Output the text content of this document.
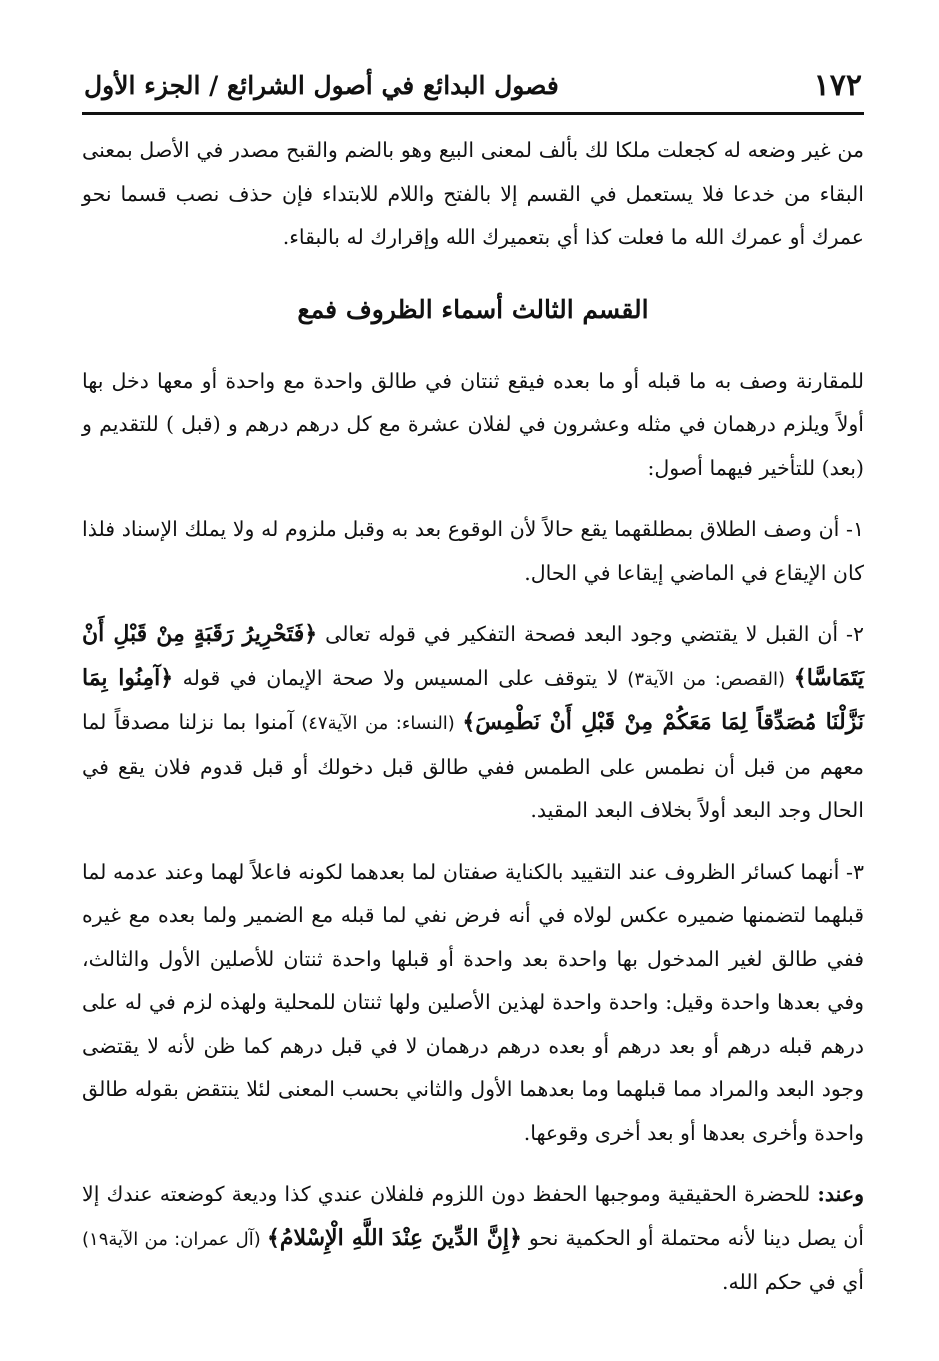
١٧٢
فصول البدائع في أصول الشرائع / الجزء الأول

من غير وضعه له كجعلت ملكا لك بألف لمعنى البيع وهو بالضم والقبح مصدر في الأصل بمعنى البقاء من خدعا فلا يستعمل في القسم إلا بالفتح واللام للابتداء فإن حذف نصب قسما نحو عمرك أو عمرك الله ما فعلت كذا أي بتعميرك الله وإقرارك له بالبقاء.

القسم الثالث أسماء الظروف فمع

للمقارنة وصف به ما قبله أو ما بعده فيقع ثنتان في طالق واحدة مع واحدة أو معها دخل بها أولاً ويلزم درهمان في مثله وعشرون في لفلان عشرة مع كل درهم درهم و (قبل ) للتقديم و (بعد) للتأخير فيهما أصول:

١- أن وصف الطلاق بمطلقهما يقع حالاً لأن الوقوع بعد به وقبل ملزوم له ولا يملك الإسناد فلذا كان الإيقاع في الماضي إيقاعا في الحال.

٢- أن القبل لا يقتضي وجود البعد فصحة التفكير في قوله تعالى ﴿فَتَحْرِيرُ رَقَبَةٍ مِنْ قَبْلِ أَنْ يَتَمَاسَّا﴾ (القصص: من الآية٣) لا يتوقف على المسيس ولا صحة الإيمان في قوله ﴿آمِنُوا بِمَا نَزَّلْنَا مُصَدِّقاً لِمَا مَعَكُمْ مِنْ قَبْلِ أَنْ نَطْمِسَ﴾ (النساء: من الآية٤٧) آمنوا بما نزلنا مصدقاً لما معهم من قبل أن نطمس على الطمس ففي طالق قبل دخولك أو قبل قدوم فلان يقع في الحال وجد البعد أولاً بخلاف البعد المقيد.

٣- أنهما كسائر الظروف عند التقييد بالكناية صفتان لما بعدهما لكونه فاعلاً لهما وعند عدمه لما قبلهما لتضمنها ضميره عكس لولاه في أنه فرض نفي لما قبله مع الضمير ولما بعده مع غيره ففي طالق لغير المدخول بها واحدة بعد واحدة أو قبلها واحدة ثنتان للأصلين الأول والثالث، وفي بعدها واحدة وقيل: واحدة واحدة لهذين الأصلين ولها ثنتان للمحلية ولهذه لزم في له على درهم قبله درهم أو بعد درهم أو بعده درهم درهمان لا في قبل درهم كما ظن لأنه لا يقتضى وجود البعد والمراد مما قبلهما وما بعدهما الأول والثاني بحسب المعنى لئلا ينتقض بقوله طالق واحدة وأخرى بعدها أو بعد أخرى وقوعها.

وعند: للحضرة الحقيقية وموجبها الحفظ دون اللزوم فلفلان عندي كذا وديعة كوضعته عندك إلا أن يصل دينا لأنه محتملة أو الحكمية نحو ﴿إِنَّ الدِّينَ عِنْدَ اللَّهِ الْإِسْلامُ﴾ (آل عمران: من الآية١٩) أي في حكم الله.
